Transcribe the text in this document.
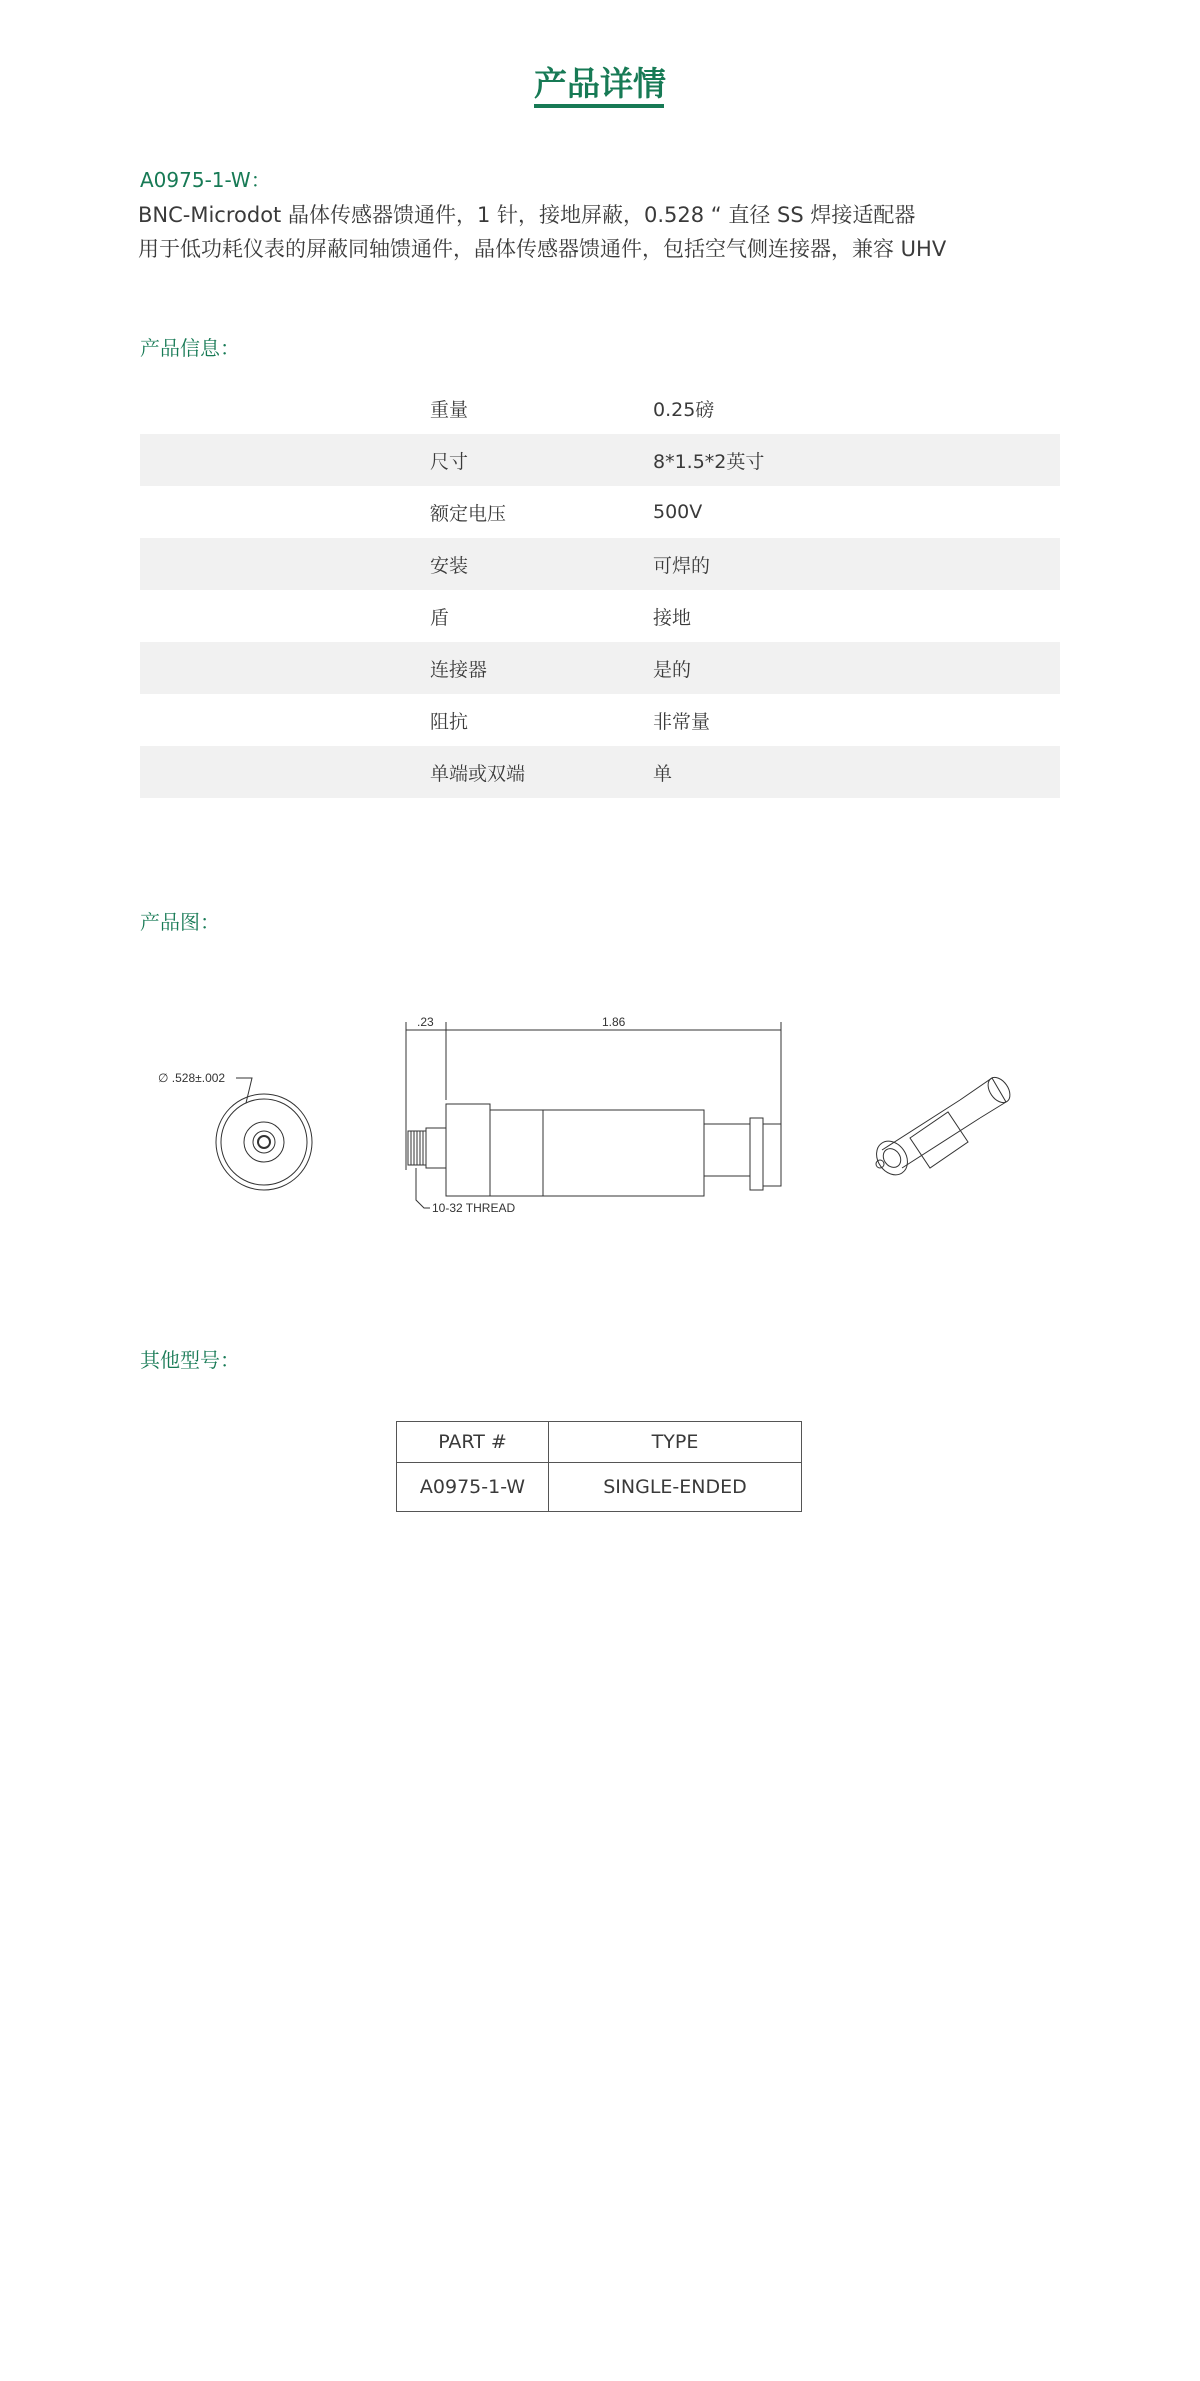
产品详情
A0975-1-W：
BNC-Microdot 晶体传感器馈通件，1 针，接地屏蔽，0.528 “ 直径 SS 焊接适配器
用于低功耗仪表的屏蔽同轴馈通件，晶体传感器馈通件，包括空气侧连接器，兼容 UHV
产品信息：
重量	0.25磅
尺寸	8*1.5*2英寸
额定电压	500V
安装	可焊的
盾	接地
连接器	是的
阻抗	非常量
单端或双端	单
产品图：
∅ .528±.002
.23	1.86
10-32 THREAD
其他型号：
PART #	TYPE
A0975-1-W	SINGLE-ENDED
